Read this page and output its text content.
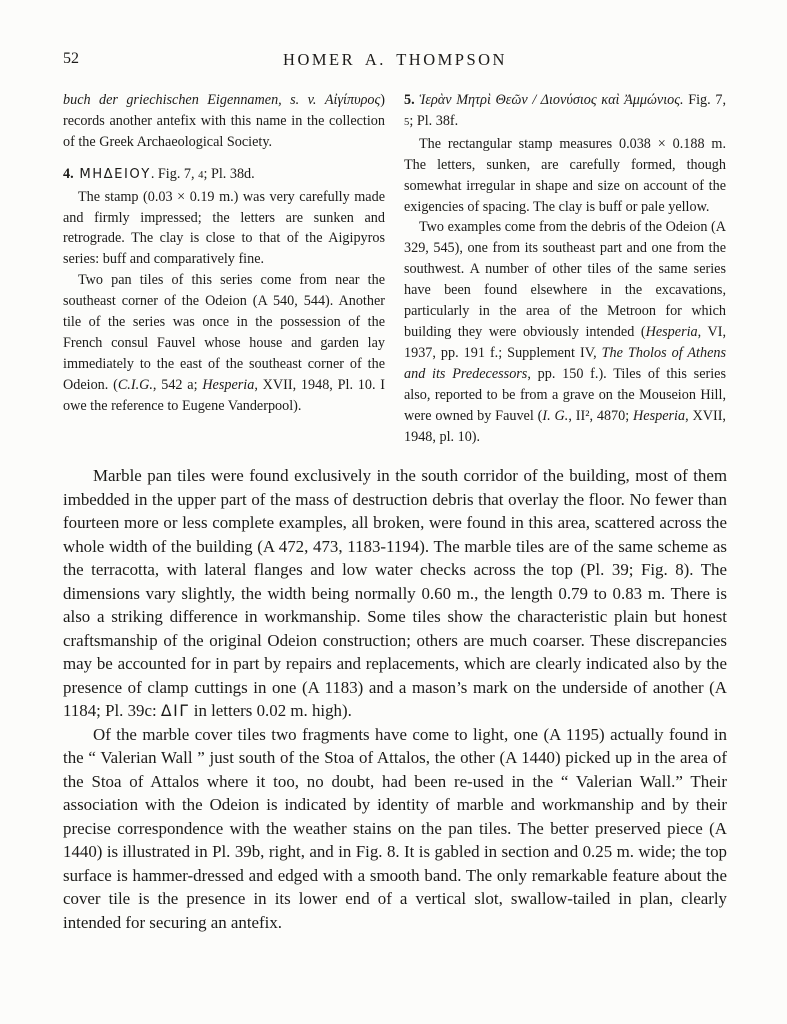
52	HOMER A. THOMPSON

buch der griechischen Eigennamen, s. v. Αἰγίπυρος) records another antefix with this name in the collection of the Greek Archaeological Society.

4. ΜΗΔΕΙΟΥ. Fig. 7, 4; Pl. 38d.

The stamp (0.03 × 0.19 m.) was very carefully made and firmly impressed; the letters are sunken and retrograde. The clay is close to that of the Aigipyros series: buff and comparatively fine.

Two pan tiles of this series come from near the southeast corner of the Odeion (A 540, 544). Another tile of the series was once in the possession of the French consul Fauvel whose house and garden lay immediately to the east of the southeast corner of the Odeion. (C.I.G., 542 a; Hesperia, XVII, 1948, Pl. 10. I owe the reference to Eugene Vanderpool).

5. Ἱερὰν Μητρὶ Θεῶν / Διονύσιος καὶ Ἀμμώνιος. Fig. 7, 5; Pl. 38f.

The rectangular stamp measures 0.038 × 0.188 m. The letters, sunken, are carefully formed, though somewhat irregular in shape and size on account of the exigencies of spacing. The clay is buff or pale yellow.

Two examples come from the debris of the Odeion (A 329, 545), one from its southeast part and one from the southwest. A number of other tiles of the same series have been found elsewhere in the excavations, particularly in the area of the Metroon for which building they were obviously intended (Hesperia, VI, 1937, pp. 191 f.; Supplement IV, The Tholos of Athens and its Predecessors, pp. 150 f.). Tiles of this series also, reported to be from a grave on the Mouseion Hill, were owned by Fauvel (I. G., II², 4870; Hesperia, XVII, 1948, pl. 10).

Marble pan tiles were found exclusively in the south corridor of the building, most of them imbedded in the upper part of the mass of destruction debris that overlay the floor. No fewer than fourteen more or less complete examples, all broken, were found in this area, scattered across the whole width of the building (A 472, 473, 1183-1194). The marble tiles are of the same scheme as the terracotta, with lateral flanges and low water checks across the top (Pl. 39; Fig. 8). The dimensions vary slightly, the width being normally 0.60 m., the length 0.79 to 0.83 m. There is also a striking difference in workmanship. Some tiles show the characteristic plain but honest craftsmanship of the original Odeion construction; others are much coarser. These discrepancies may be accounted for in part by repairs and replacements, which are clearly indicated also by the presence of clamp cuttings in one (A 1183) and a mason’s mark on the underside of another (A 1184; Pl. 39c: ΔΙΓ in letters 0.02 m. high).

Of the marble cover tiles two fragments have come to light, one (A 1195) actually found in the “ Valerian Wall ” just south of the Stoa of Attalos, the other (A 1440) picked up in the area of the Stoa of Attalos where it too, no doubt, had been re-used in the “ Valerian Wall.” Their association with the Odeion is indicated by identity of marble and workmanship and by their precise correspondence with the weather stains on the pan tiles. The better preserved piece (A 1440) is illustrated in Pl. 39b, right, and in Fig. 8. It is gabled in section and 0.25 m. wide; the top surface is hammer-dressed and edged with a smooth band. The only remarkable feature about the cover tile is the presence in its lower end of a vertical slot, swallow-tailed in plan, clearly intended for securing an antefix.
